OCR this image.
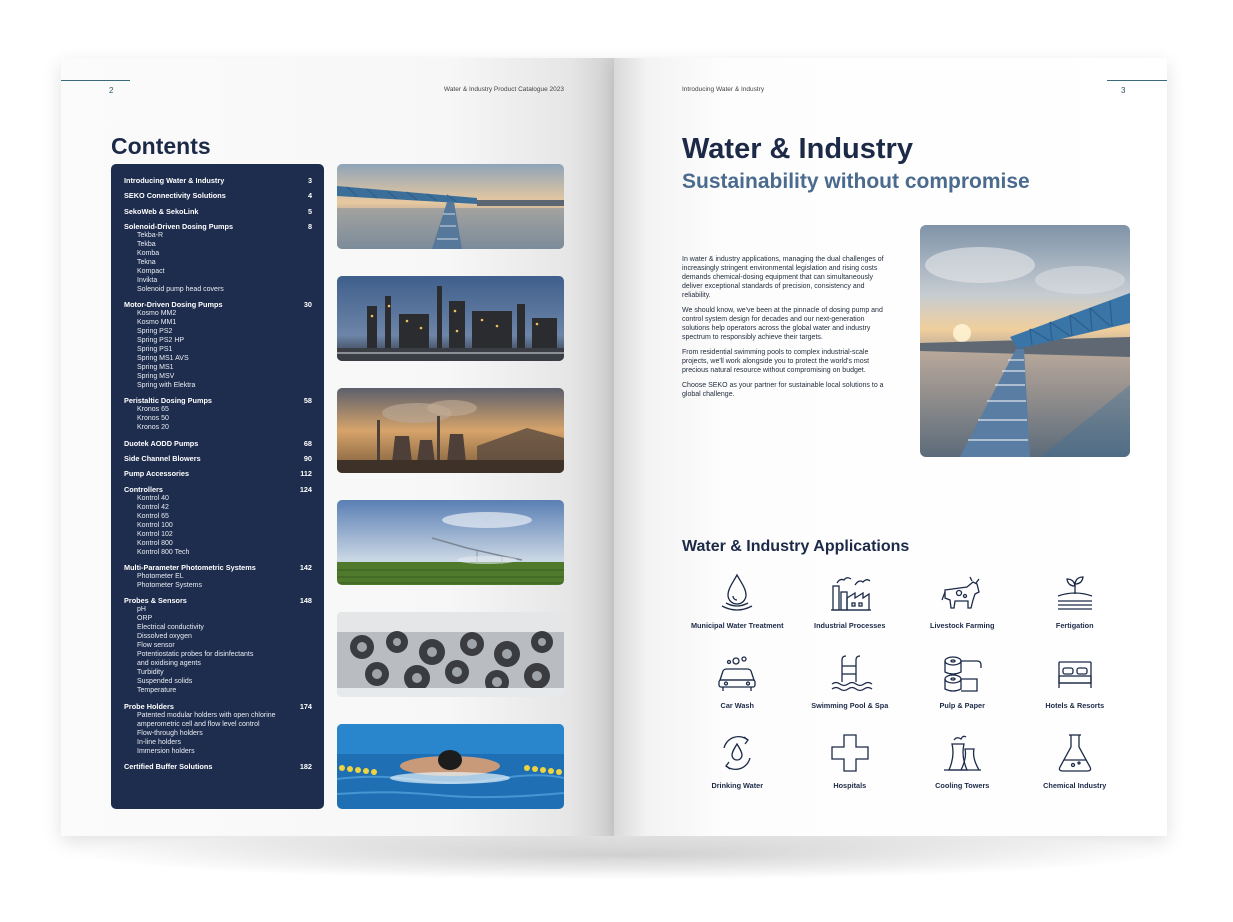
2	Water & Industry Product Catalogue 2023
Contents
Introducing Water & Industry	3
SEKO Connectivity Solutions	4
SekoWeb & SekoLink	5
Solenoid-Driven Dosing Pumps	8
Tekba-R
Tekba
Komba
Tekna
Kompact
Invikta
Solenoid pump head covers
Motor-Driven Dosing Pumps	30
Kosmo MM2
Kosmo MM1
Spring PS2
Spring PS2 HP
Spring PS1
Spring MS1 AVS
Spring MS1
Spring MSV
Spring with Elektra
Peristaltic Dosing Pumps	58
Kronos 65
Kronos 50
Kronos 20
Duotek AODD Pumps	68
Side Channel Blowers	90
Pump Accessories	112
Controllers	124
Kontrol 40
Kontrol 42
Kontrol 65
Kontrol 100
Kontrol 102
Kontrol 800
Kontrol 800 Tech
Multi-Parameter Photometric Systems	142
Photometer EL
Photometer Systems
Probes & Sensors	148
pH
ORP
Electrical conductivity
Dissolved oxygen
Flow sensor
Potentiostatic probes for disinfectants
and oxidising agents
Turbidity
Suspended solids
Temperature
Probe Holders	174
Patented modular holders with open chlorine
amperometric cell and flow level control
Flow-through holders
In-line holders
Immersion holders
Certified Buffer Solutions	182
Introducing Water & Industry	3
Water & Industry
Sustainability without compromise

In water & industry applications, managing the dual challenges of increasingly stringent environmental legislation and rising costs demands chemical-dosing equipment that can simultaneously deliver exceptional standards of precision, consistency and reliability.

We should know, we've been at the pinnacle of dosing pump and control system design for decades and our next-generation solutions help operators across the global water and industry spectrum to responsibly achieve their targets.

From residential swimming pools to complex industrial-scale projects, we'll work alongside you to protect the world's most precious natural resource without compromising on budget.

Choose SEKO as your partner for sustainable local solutions to a global challenge.

Water & Industry Applications
Municipal Water Treatment	Industrial Processes	Livestock Farming	Fertigation
Car Wash	Swimming Pool & Spa	Pulp & Paper	Hotels & Resorts
Drinking Water	Hospitals	Cooling Towers	Chemical Industry
